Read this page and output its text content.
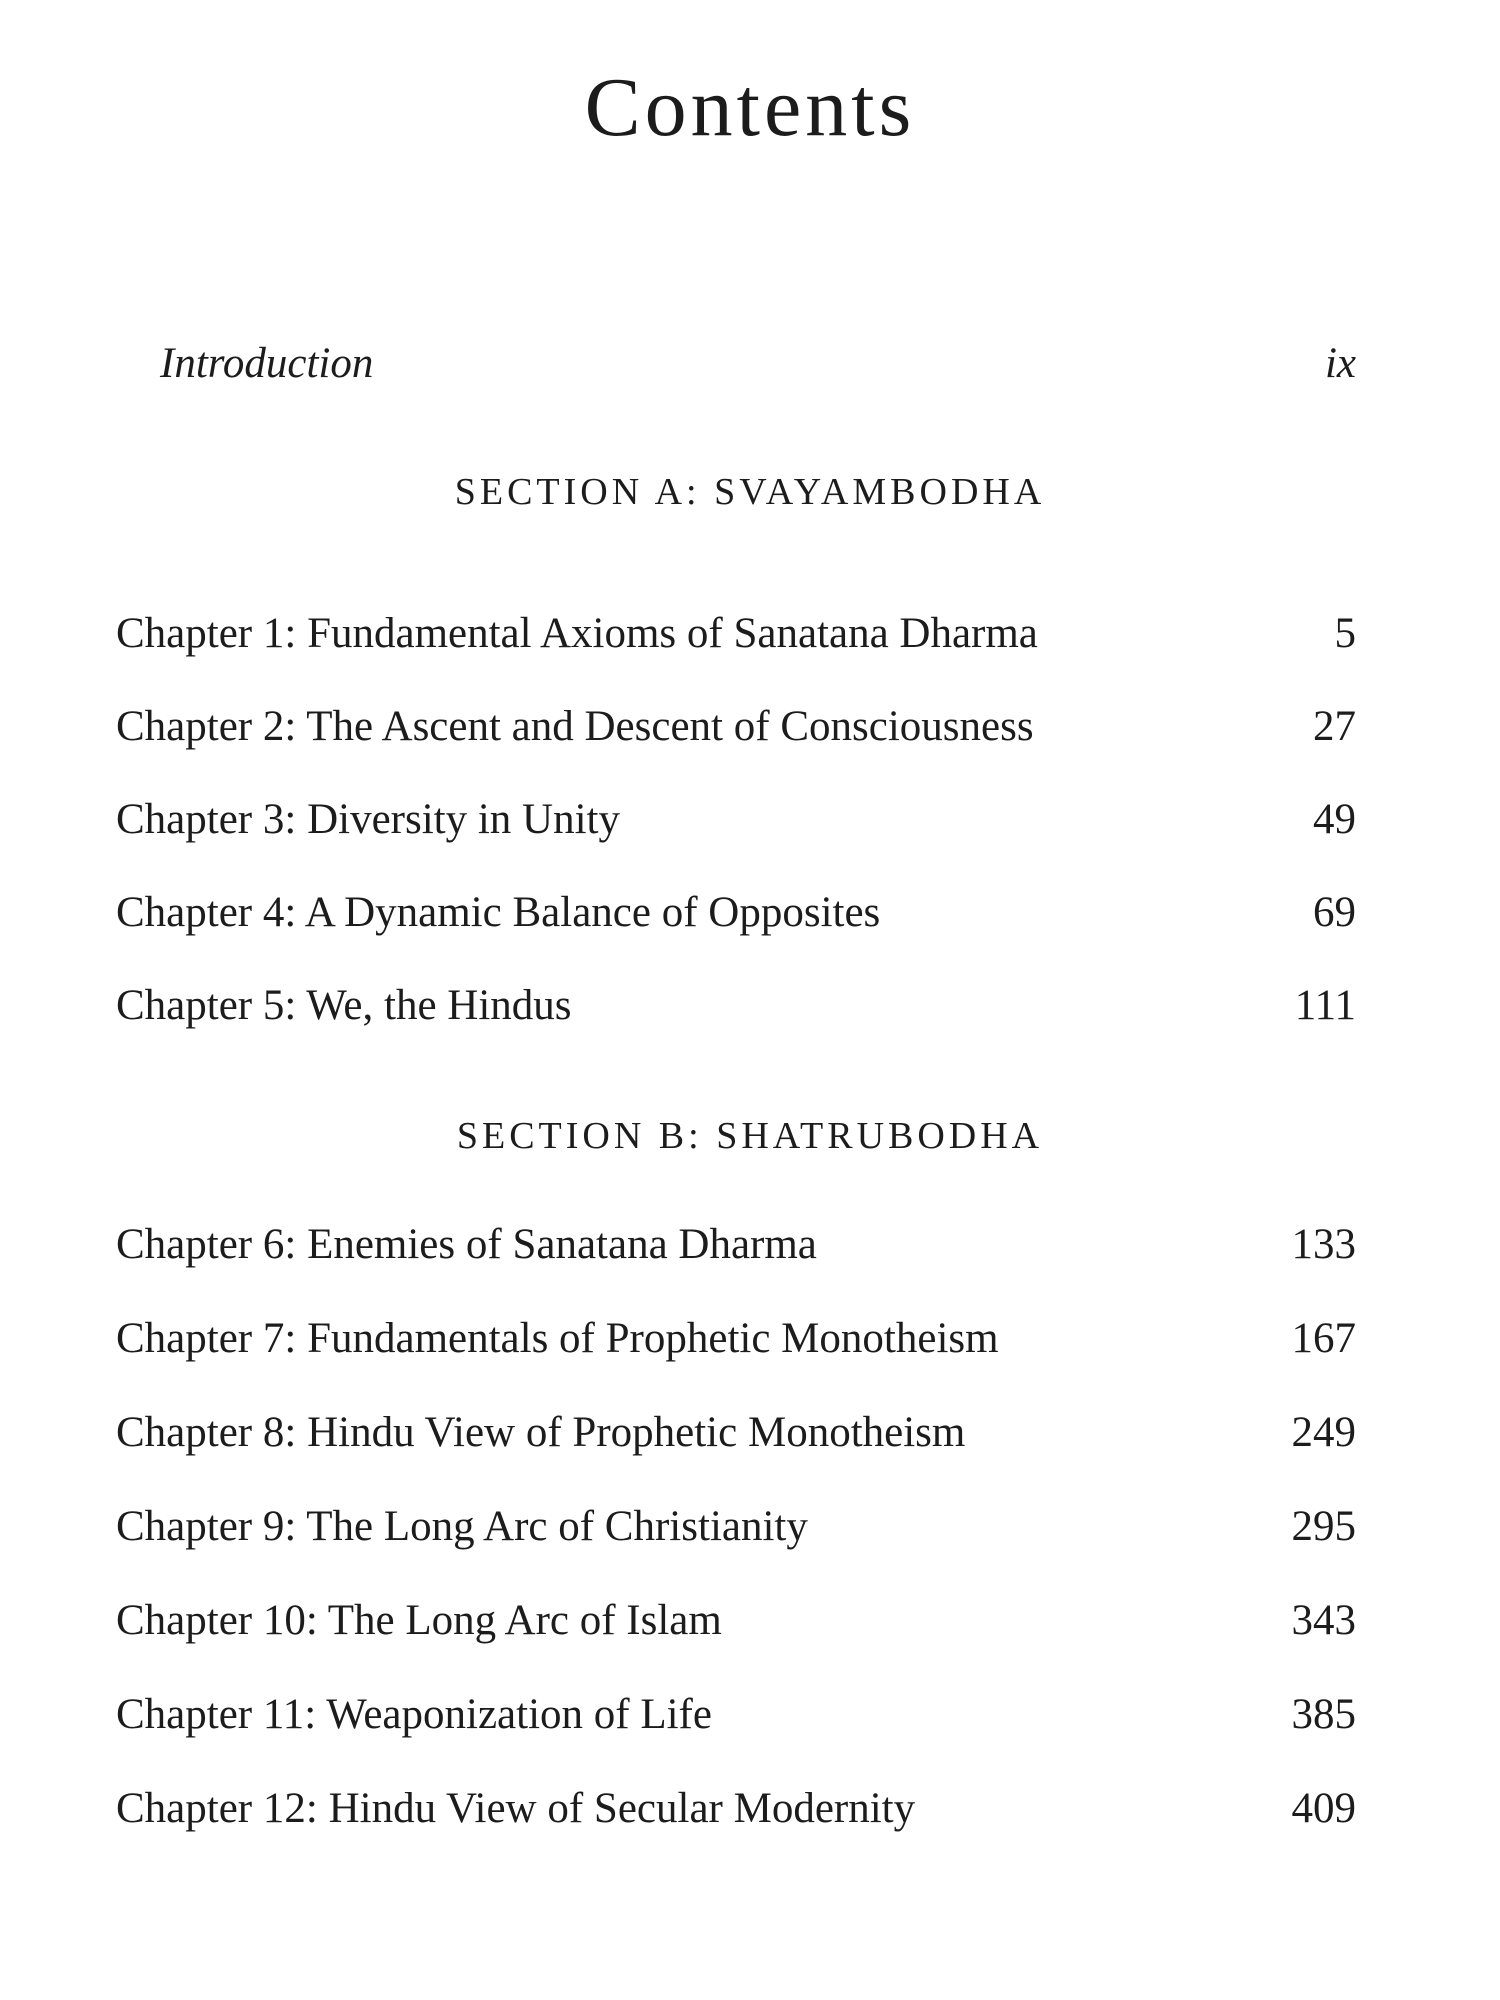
Contents
Introduction	ix
SECTION A: SVAYAMBODHA
Chapter 1: Fundamental Axioms of Sanatana Dharma	5
Chapter 2: The Ascent and Descent of Consciousness	27
Chapter 3: Diversity in Unity	49
Chapter 4: A Dynamic Balance of Opposites	69
Chapter 5: We, the Hindus	111
SECTION B: SHATRUBODHA
Chapter 6: Enemies of Sanatana Dharma	133
Chapter 7: Fundamentals of Prophetic Monotheism	167
Chapter 8: Hindu View of Prophetic Monotheism	249
Chapter 9: The Long Arc of Christianity	295
Chapter 10: The Long Arc of Islam	343
Chapter 11: Weaponization of Life	385
Chapter 12: Hindu View of Secular Modernity	409
